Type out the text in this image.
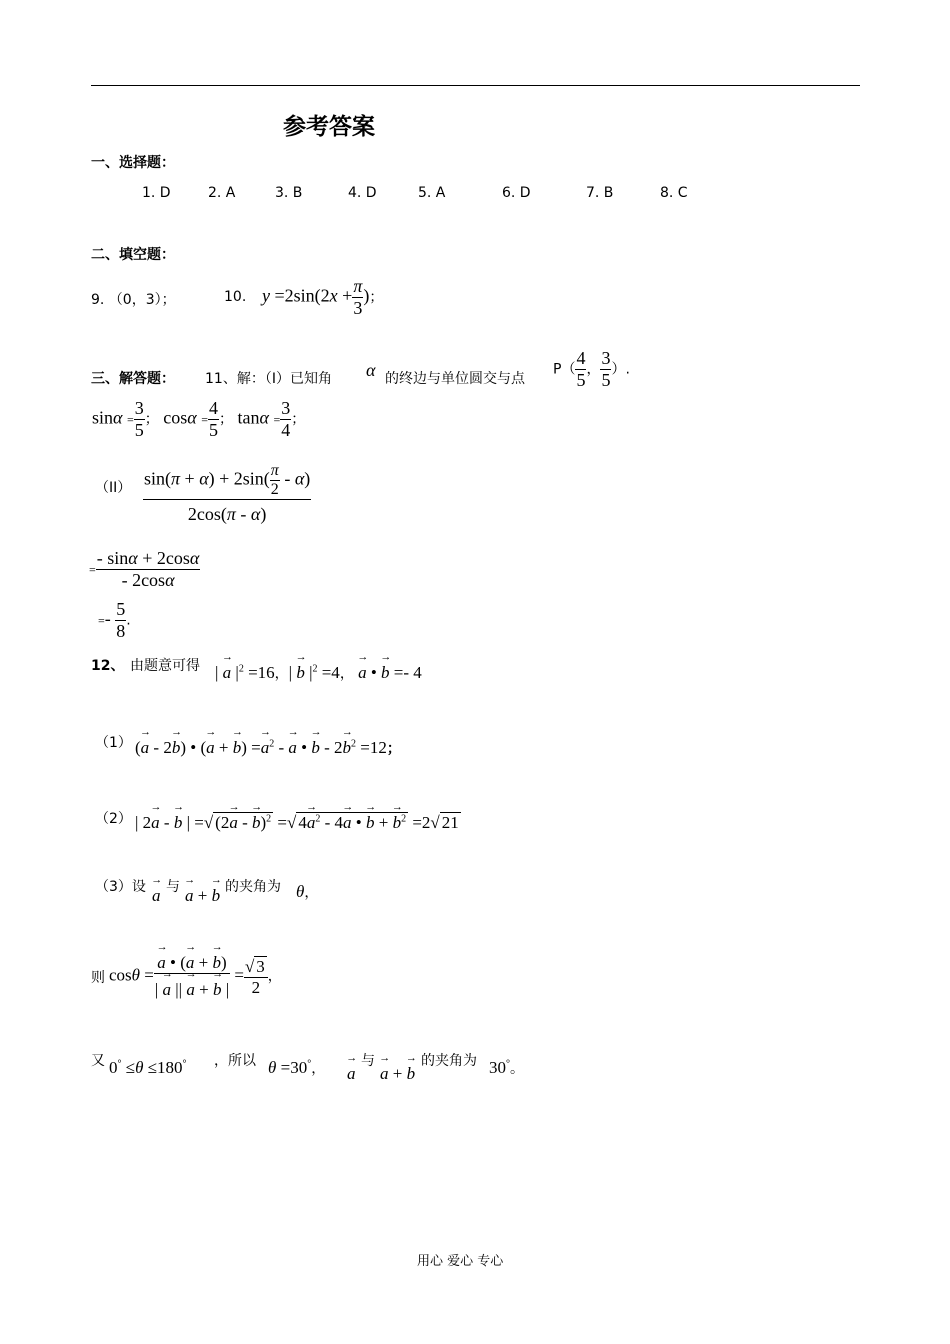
参考答案
一、选择题：
1. D	2. A	3. B	4. D	5. A	6. D	7. B	8. C
二、填空题：
9. （0，3）；	10. $y =2\sin(2x + \frac{\pi}{3}$ )；
三、解答题： 11、解：（I）已知角 α 的终边与单位圆交与点
$P( \frac{4}{5}$ ， $\frac{3}{5}$ ）.
$\sin\alpha = \frac{3}{5}$ ； $\cos\alpha = \frac{4}{5}$ ； $\tan\alpha = \frac{3}{4}$ ；
$(II) \frac{\sin(\pi + \alpha) + 2\sin( \frac{\pi}{2} - \alpha)}{2\cos(\pi - \alpha)}$
= $\frac{- \sin\alpha + 2\cos\alpha}{- 2\cos\alpha}$
=- $\frac{5}{8}$ .
12、 由题意可得 | → a $|^2 =16$，| → b $|^2 =4$， → a • → b =- 4
（1） (→ a - 2→ b) • (→ a + → $b) =\to a^2$ - → a • → $b - 2\to b^2 =12$；
（2） | 2→ a - → b | =√ (2→ a - → b)$^2$ =√ $4\to a^2 - 4\to a$ • → b + → $b^2 =2√$ 21
（3）设 → a 与 → a + → b 的夹角为 θ，
则 cosθ = → $\frac{a • (\to a + \to b)}{| \to a || \to a + \to b |} = \frac{√ 3}{2}$ ，
又 0° ≤θ ≤180° ，所以 θ =30°， → a
与
→ a + → b
的夹角为 30°。
用心 爱心 专心
